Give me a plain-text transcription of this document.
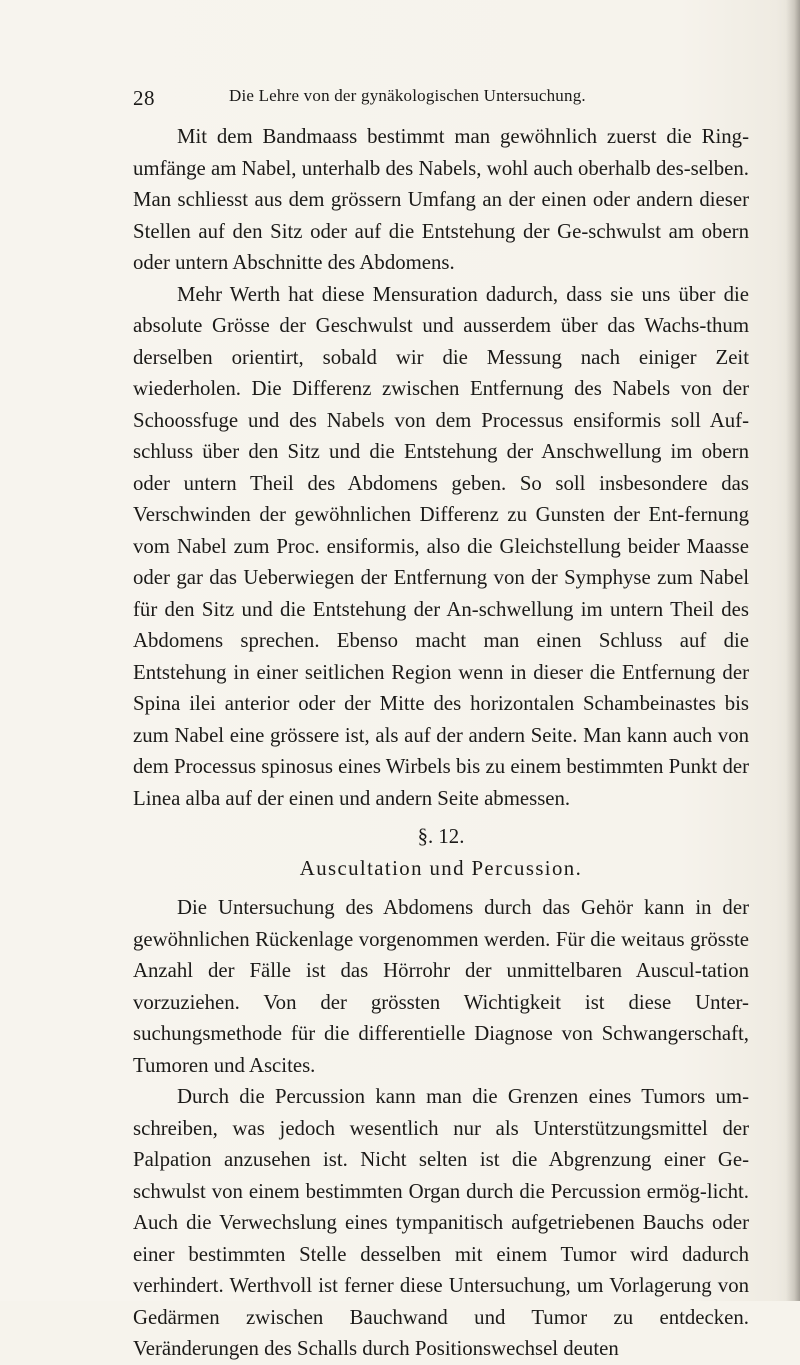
28	Die Lehre von der gynäkologischen Untersuchung.

Mit dem Bandmaass bestimmt man gewöhnlich zuerst die Ring-umfänge am Nabel, unterhalb des Nabels, wohl auch oberhalb des-selben. Man schliesst aus dem grössern Umfang an der einen oder andern dieser Stellen auf den Sitz oder auf die Entstehung der Ge-schwulst am obern oder untern Abschnitte des Abdomens.

Mehr Werth hat diese Mensuration dadurch, dass sie uns über die absolute Grösse der Geschwulst und ausserdem über das Wachs-thum derselben orientirt, sobald wir die Messung nach einiger Zeit wiederholen. Die Differenz zwischen Entfernung des Nabels von der Schoossfuge und des Nabels von dem Processus ensiformis soll Auf-schluss über den Sitz und die Entstehung der Anschwellung im obern oder untern Theil des Abdomens geben. So soll insbesondere das Verschwinden der gewöhnlichen Differenz zu Gunsten der Ent-fernung vom Nabel zum Proc. ensiformis, also die Gleichstellung beider Maasse oder gar das Ueberwiegen der Entfernung von der Symphyse zum Nabel für den Sitz und die Entstehung der An-schwellung im untern Theil des Abdomens sprechen. Ebenso macht man einen Schluss auf die Entstehung in einer seitlichen Region wenn in dieser die Entfernung der Spina ilei anterior oder der Mitte des horizontalen Schambeinastes bis zum Nabel eine grössere ist, als auf der andern Seite. Man kann auch von dem Processus spinosus eines Wirbels bis zu einem bestimmten Punkt der Linea alba auf der einen und andern Seite abmessen.

§. 12.
Auscultation und Percussion.

Die Untersuchung des Abdomens durch das Gehör kann in der gewöhnlichen Rückenlage vorgenommen werden. Für die weitaus grösste Anzahl der Fälle ist das Hörrohr der unmittelbaren Auscul-tation vorzuziehen. Von der grössten Wichtigkeit ist diese Unter-suchungsmethode für die differentielle Diagnose von Schwangerschaft, Tumoren und Ascites.

Durch die Percussion kann man die Grenzen eines Tumors um-schreiben, was jedoch wesentlich nur als Unterstützungsmittel der Palpation anzusehen ist. Nicht selten ist die Abgrenzung einer Ge-schwulst von einem bestimmten Organ durch die Percussion ermög-licht. Auch die Verwechslung eines tympanitisch aufgetriebenen Bauchs oder einer bestimmten Stelle desselben mit einem Tumor wird dadurch verhindert. Werthvoll ist ferner diese Untersuchung, um Vorlagerung von Gedärmen zwischen Bauchwand und Tumor zu entdecken. Veränderungen des Schalls durch Positionswechsel deuten
